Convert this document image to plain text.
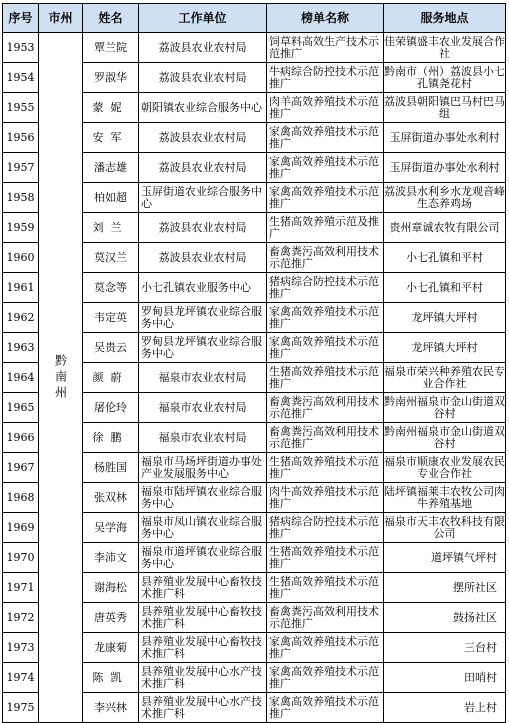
序号	市州	姓名	工作单位	榜单名称	服务地点
1953	黔南州	覃兰院	荔波县农业农村局	饲草料高效生产技术示范推广	佳荣镇盛丰农业发展合作社
1954		罗淑华	荔波县农业农村局	牛病综合防控技术示范推广	黔南市（州）荔波县小七孔镇尧花村
1955		蒙妮	朝阳镇农业综合服务中心	肉羊高效养殖技术示范推广	荔波县朝阳镇巴马村巴马组
1956		安军	荔波县农业农村局	家禽高效养殖技术示范推广	玉屏街道办事处水利村
1957		潘志雄	荔波县农业农村局	家禽高效养殖技术示范推广	玉屏街道办事处水利村
1958		柏如超	玉屏街道农业综合服务中心	家禽高效养殖技术示范推广	荔波县水利乡水龙观音峰生态养鸡场
1959		刘兰	荔波县农业农村局	生猪高效养殖示范及推广	贵州章诚农牧有限公司
1960		莫汉兰	荔波县农业农村局	畜禽粪污高效利用技术示范推广	小七孔镇和平村
1961		莫念等	小七孔镇农业服务中心	猪病综合防控技术示范推广	小七孔镇和平村
1962		韦定英	罗甸县龙坪镇农业综合服务中心	家禽高效养殖技术示范推广	龙坪镇大坪村
1963		吴贵云	罗甸县龙坪镇农业综合服务中心	家禽高效养殖技术示范推广	龙坪镇大坪村
1964		颜蔚	福泉市农业农村局	生猪高效养殖技术示范推广	福泉市荣兴种养殖农民专业合作社
1965		屠伦玲	福泉市农业农村局	畜禽粪污高效利用技术示范推广	黔南州福泉市金山街道双谷村
1966		徐鹏	福泉市农业农村局	畜禽粪污高效利用技术示范推广	黔南州福泉市金山街道双谷村
1967		杨胜国	福泉市马场坪街道办事处产业发展服务中心	生猪高效养殖技术示范推广	福泉市顺康农业发展农民专业合作社
1968		张双林	福泉市陆坪镇农业综合服务中心	肉牛高效养殖技术示范推广	陆坪镇福莱丰农牧公司肉牛养殖基地
1969		吴学海	福泉市凤山镇农业综合服务中心	猪病综合防控技术示范推广	福泉市天丰农牧科技有限公司
1970		李沛文	福泉市道坪镇农业综合服务中心	生猪高效养殖技术示范推广	道坪镇气坪村
1971		谢海松	县养殖业发展中心畜牧技术推广科	生猪高效养殖技术示范推广	摆所社区
1972		唐英秀	县养殖业发展中心畜牧技术推广科	畜禽粪污高效利用技术示范推广	鼓扬社区
1973		龙康菊	县养殖业发展中心畜牧技术推广科	家禽高效养殖技术示范推广	三台村
1974		陈凯	县养殖业发展中心水产技术推广科	家禽高效养殖技术示范推广	田哨村
1975		李兴林	县养殖业发展中心水产技术推广科	家禽高效养殖技术示范推广	岩上村
